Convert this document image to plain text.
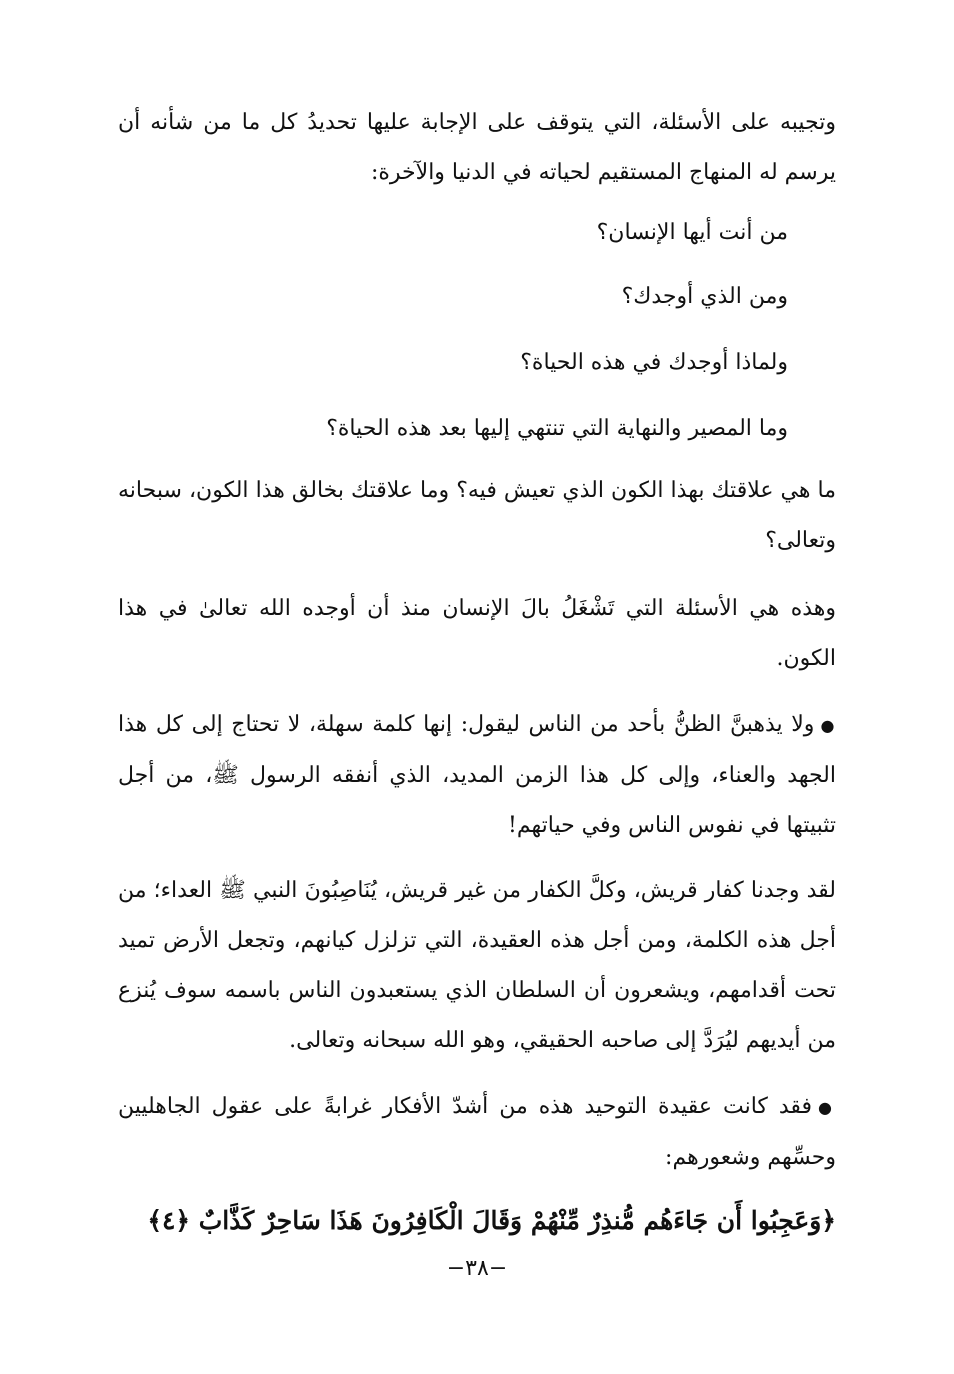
وتجيبه على الأسئلة، التي يتوقف على الإجابة عليها تحديدُ كل ما من شأنه أن يرسم له المنهاج المستقيم لحياته في الدنيا والآخرة:

من أنت أيها الإنسان؟

ومن الذي أوجدك؟

ولماذا أوجدك في هذه الحياة؟

وما المصير والنهاية التي تنتهي إليها بعد هذه الحياة؟

ما هي علاقتك بهذا الكون الذي تعيش فيه؟ وما علاقتك بخالق هذا الكون، سبحانه وتعالى؟

وهذه هي الأسئلة التي تَشْغَلُ بالَ الإنسان منذ أن أوجده الله تعالىٰ في هذا الكون.

●ولا يذهبنَّ الظنُّ بأحد من الناس ليقول: إنها كلمة سهلة، لا تحتاج إلى كل هذا الجهد والعناء، وإلى كل هذا الزمن المديد، الذي أنفقه الرسول ﷺ، من أجل تثبيتها في نفوس الناس وفي حياتهم!

لقد وجدنا كفار قريش، وكلَّ الكفار من غير قريش، يُنَاصِبُونَ النبي ﷺ العداء؛ من أجل هذه الكلمة، ومن أجل هذه العقيدة، التي تزلزل كيانهم، وتجعل الأرض تميد تحت أقدامهم، ويشعرون أن السلطان الذي يستعبدون الناس باسمه سوف يُنزع من أيديهم ليُرَدَّ إلى صاحبه الحقيقي، وهو الله سبحانه وتعالى.

●فقد كانت عقيدة التوحيد هذه من أشدّ الأفكار غرابةً على عقول الجاهليين وحسِّهم وشعورهم:

﴿وَعَجِبُوا أَن جَاءَهُم مُّنذِرٌ مِّنْهُمْ وَقَالَ الْكَافِرُونَ هَذَا سَاحِرٌ كَذَّابٌ ﴿٤﴾

−٣٨−
